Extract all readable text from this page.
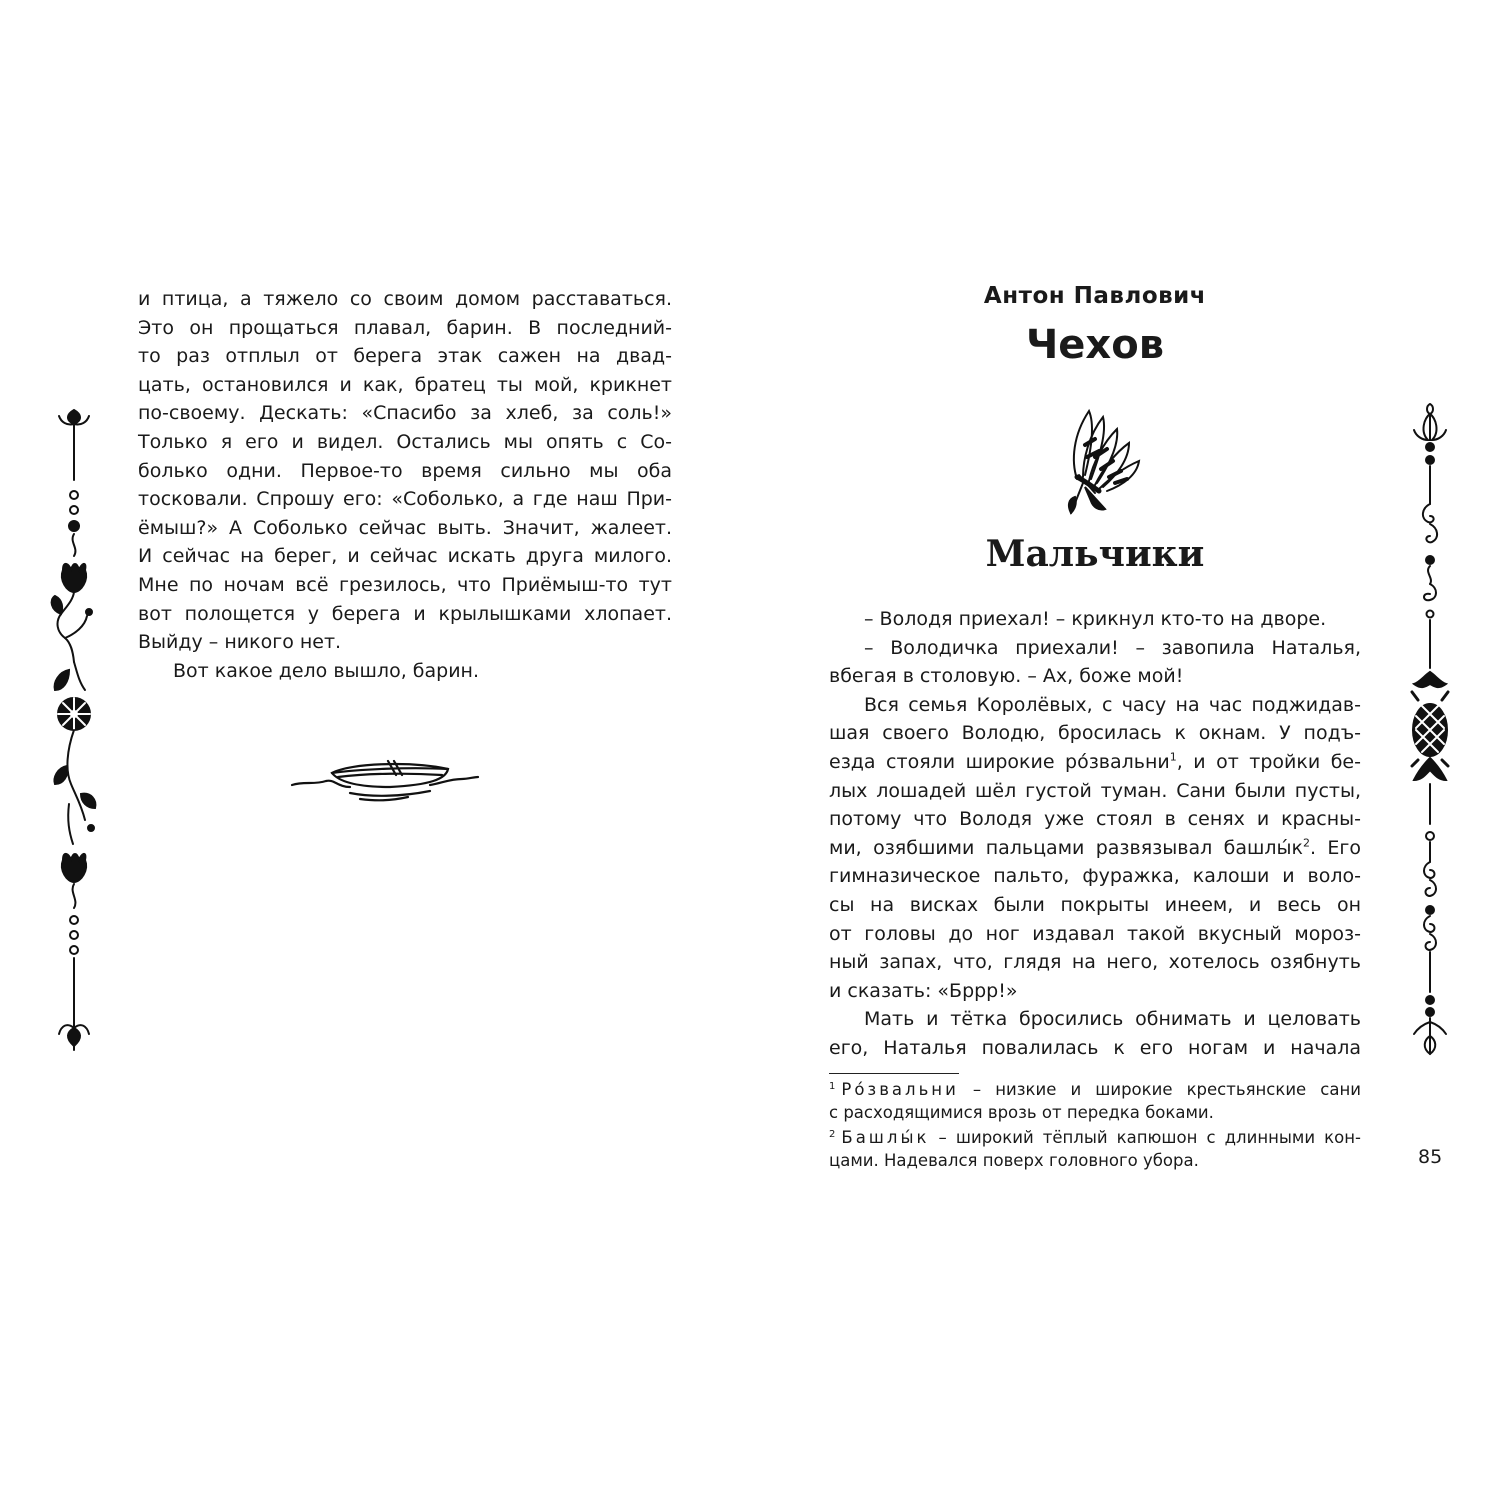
и птица, а тяжело со своим домом расставаться.
Это он прощаться плавал, барин. В последний-
то раз отплыл от берега этак сажен на двад-
цать, остановился и как, братец ты мой, крикнет
по-своему. Дескать: «Спасибо за хлеб, за соль!»
Только я его и видел. Остались мы опять с Со-
болько одни. Первое-то время сильно мы оба
тосковали. Спрошу его: «Соболько, а где наш При-
ёмыш?» А Соболько сейчас выть. Значит, жалеет.
И сейчас на берег, и сейчас искать друга милого.
Мне по ночам всё грезилось, что Приёмыш-то тут
вот полощется у берега и крылышками хлопает.
Выйду – никого нет.
Вот какое дело вышло, барин.
Антон Павлович
Чехов
Мальчики
– Володя приехал! – крикнул кто-то на дворе.
– Володичка приехали! – завопила Наталья,
вбегая в столовую. – Ах, боже мой!
Вся семья Королёвых, с часу на час поджидав-
шая своего Володю, бросилась к окнам. У подъ-
езда стояли широкие ро́звальни$^1$, и от тройки бе-
лых лошадей шёл густой туман. Сани были пусты,
потому что Володя уже стоял в сенях и красны-
ми, озябшими пальцами развязывал $башлы́к^2$. Его
гимназическое пальто, фуражка, калоши и воло-
сы на висках были покрыты инеем, и весь он
от головы до ног издавал такой вкусный мороз-
ный запах, что, глядя на него, хотелось озябнуть
и сказать: «Бррр!»
Мать и тётка бросились обнимать и целовать
его, Наталья повалилась к его ногам и начала
$^1$ Ро́звальни – низкие и широкие крестьянские сани
с расходящимися врозь от передка боками.
$^2$ Башлы́к – широкий тёплый капюшон с длинными кон-
цами. Надевался поверх головного убора.	85
